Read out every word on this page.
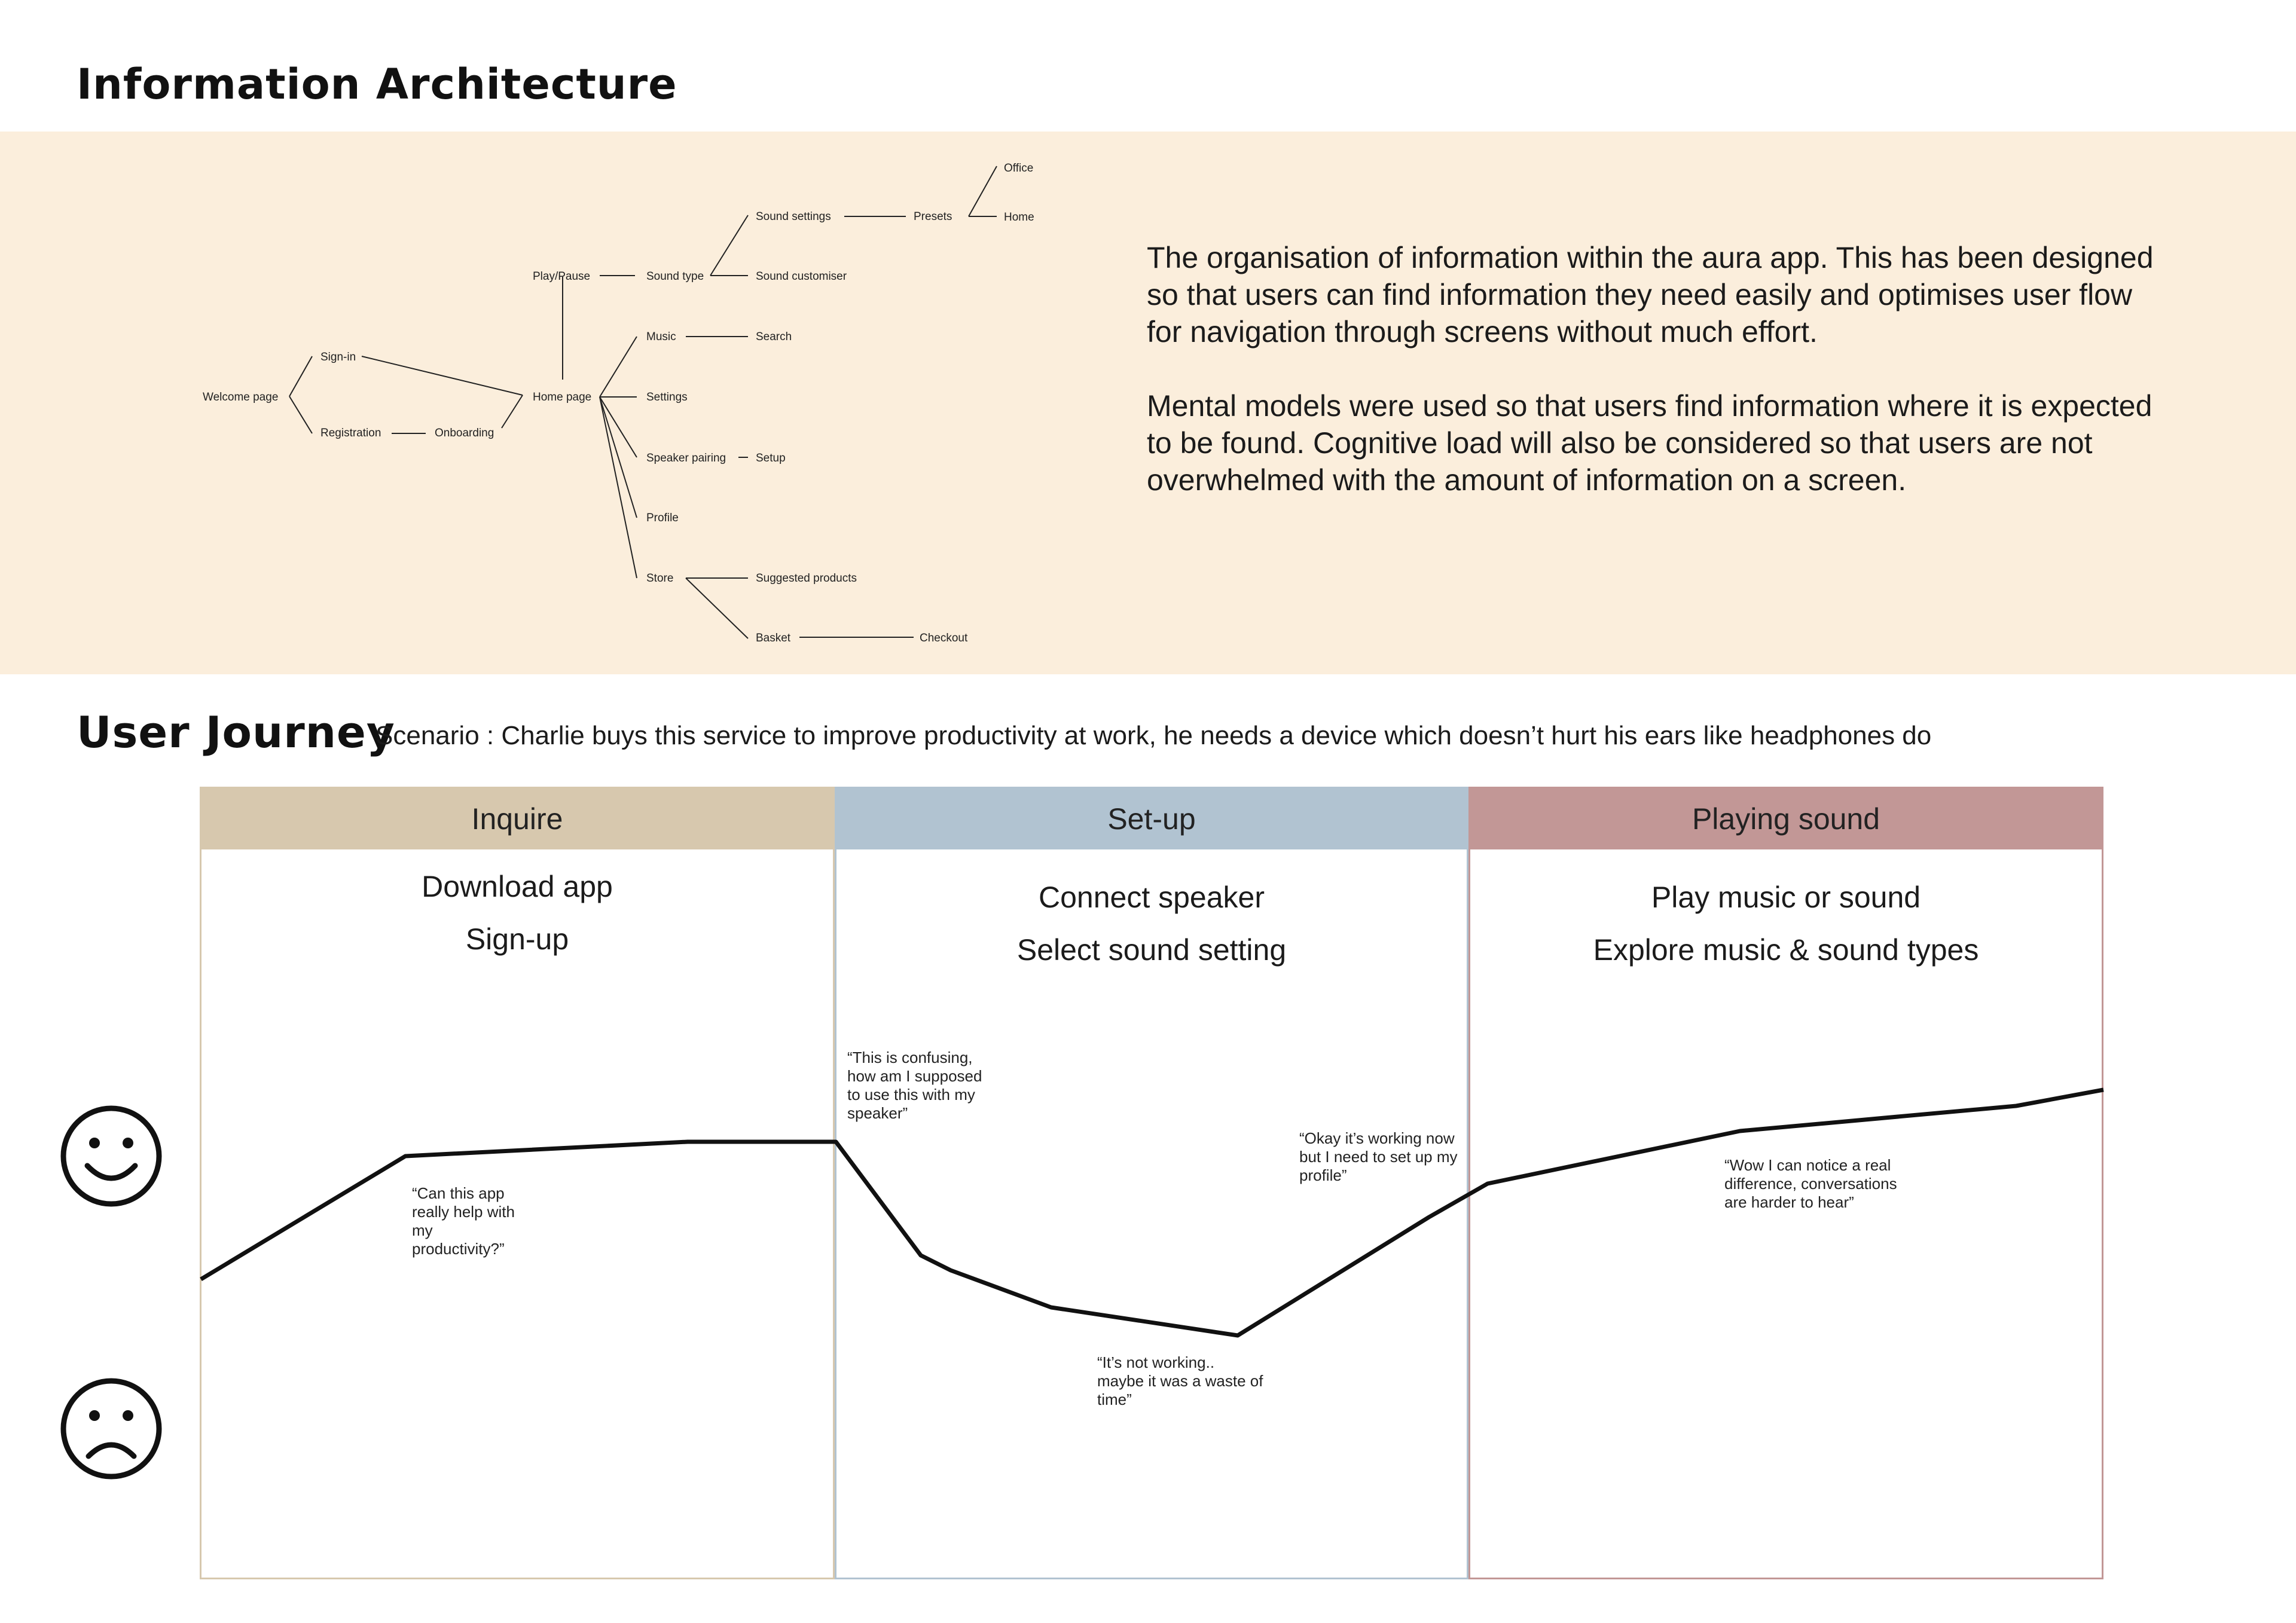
Information Architecture
Welcome page
Sign-in
Registration	Onboarding
Home page
Play/Pause	Sound type
Sound settings	Presets
Office
Home
Sound customiser
Music	Search
Settings
Speaker pairing	Setup
Profile
Store	Suggested products
Basket	Checkout

The organisation of information within the aura app. This has been designed so that users can find information they need easily and optimises user flow for navigation through screens without much effort.

Mental models were used so that users find information where it is expected to be found. Cognitive load will also be considered so that users are not overwhelmed with the amount of information on a screen.

User Journey
Scenario : Charlie buys this service to improve productivity at work, he needs a device which doesn’t hurt his ears like headphones do
Inquire
Download app
Sign-up
Set-up
Connect speaker
Select sound setting
Playing sound
Play music or sound
Explore music & sound types
“Can this app really help with my productivity?”
“This is confusing, how am I supposed to use this with my speaker”
“It’s not working.. maybe it was a waste of time”
“Okay it’s working now but I need to set up my profile”
“Wow I can notice a real difference, conversations are harder to hear”
